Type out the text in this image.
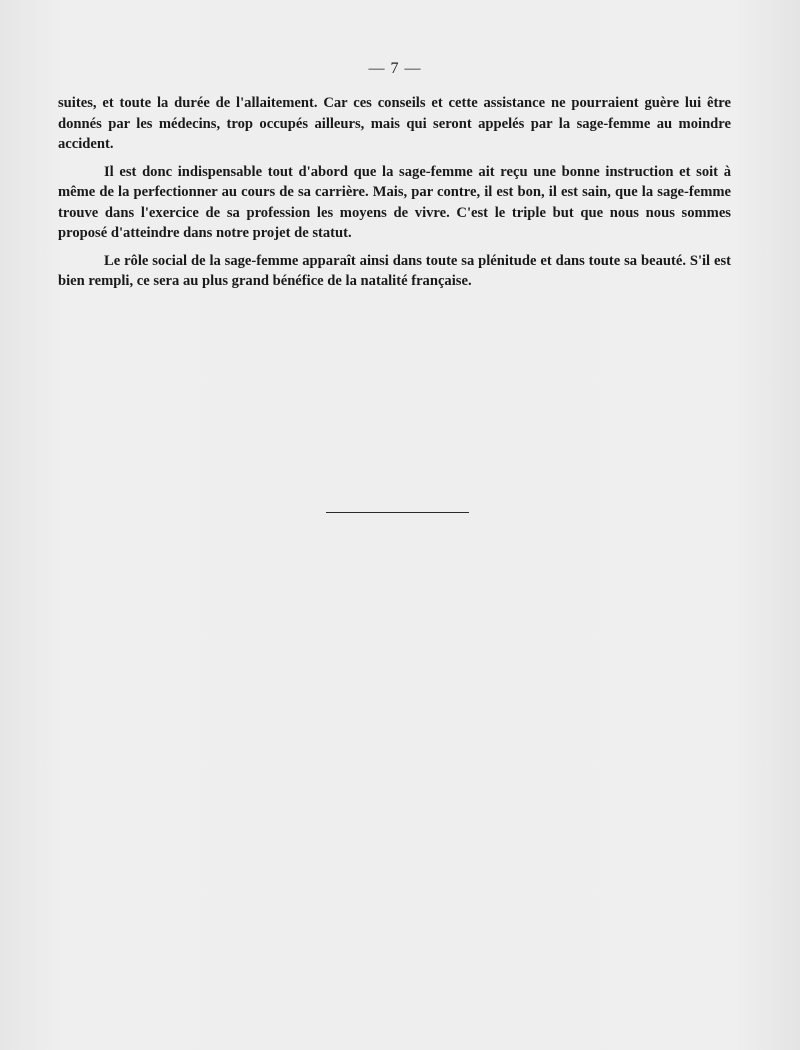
— 7 —

suites, et toute la durée de l'allaitement. Car ces conseils et cette assistance ne pourraient guère lui être donnés par les médecins, trop occupés ailleurs, mais qui seront appelés par la sage-femme au moindre accident.

Il est donc indispensable tout d'abord que la sage-femme ait reçu une bonne instruction et soit à même de la perfectionner au cours de sa carrière. Mais, par contre, il est bon, il est sain, que la sage-femme trouve dans l'exercice de sa profession les moyens de vivre. C'est le triple but que nous nous sommes proposé d'atteindre dans notre projet de statut.

Le rôle social de la sage-femme apparaît ainsi dans toute sa plénitude et dans toute sa beauté. S'il est bien rempli, ce sera au plus grand bénéfice de la natalité française.
